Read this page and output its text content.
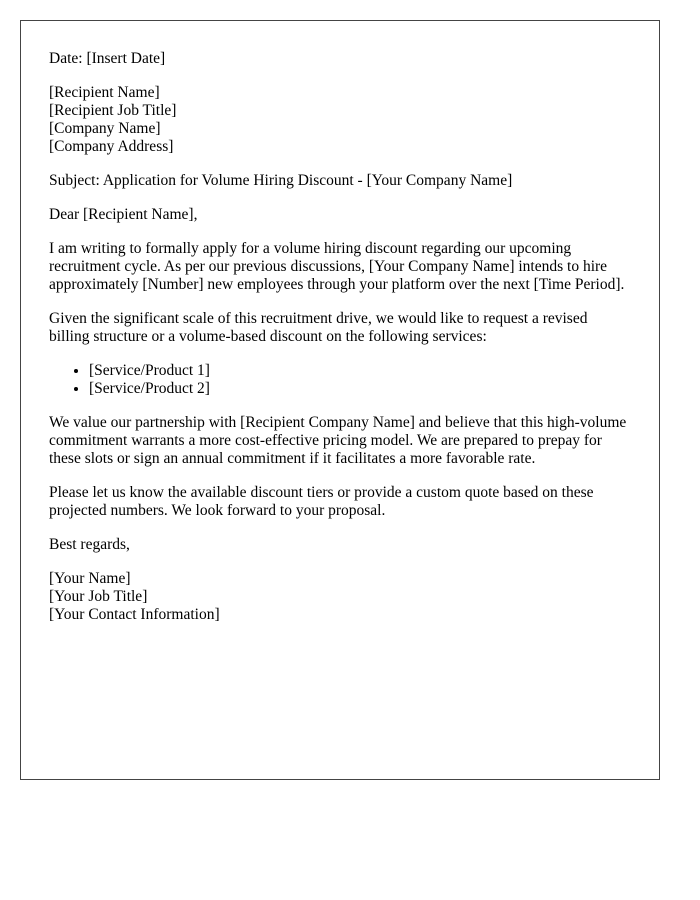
Date: [Insert Date]

[Recipient Name]
[Recipient Job Title]
[Company Name]
[Company Address]

Subject: Application for Volume Hiring Discount - [Your Company Name]

Dear [Recipient Name],

I am writing to formally apply for a volume hiring discount regarding our upcoming recruitment cycle. As per our previous discussions, [Your Company Name] intends to hire approximately [Number] new employees through your platform over the next [Time Period].

Given the significant scale of this recruitment drive, we would like to request a revised billing structure or a volume-based discount on the following services:

• [Service/Product 1]
• [Service/Product 2]

We value our partnership with [Recipient Company Name] and believe that this high-volume commitment warrants a more cost-effective pricing model. We are prepared to prepay for these slots or sign an annual commitment if it facilitates a more favorable rate.

Please let us know the available discount tiers or provide a custom quote based on these projected numbers. We look forward to your proposal.

Best regards,

[Your Name]
[Your Job Title]
[Your Contact Information]
